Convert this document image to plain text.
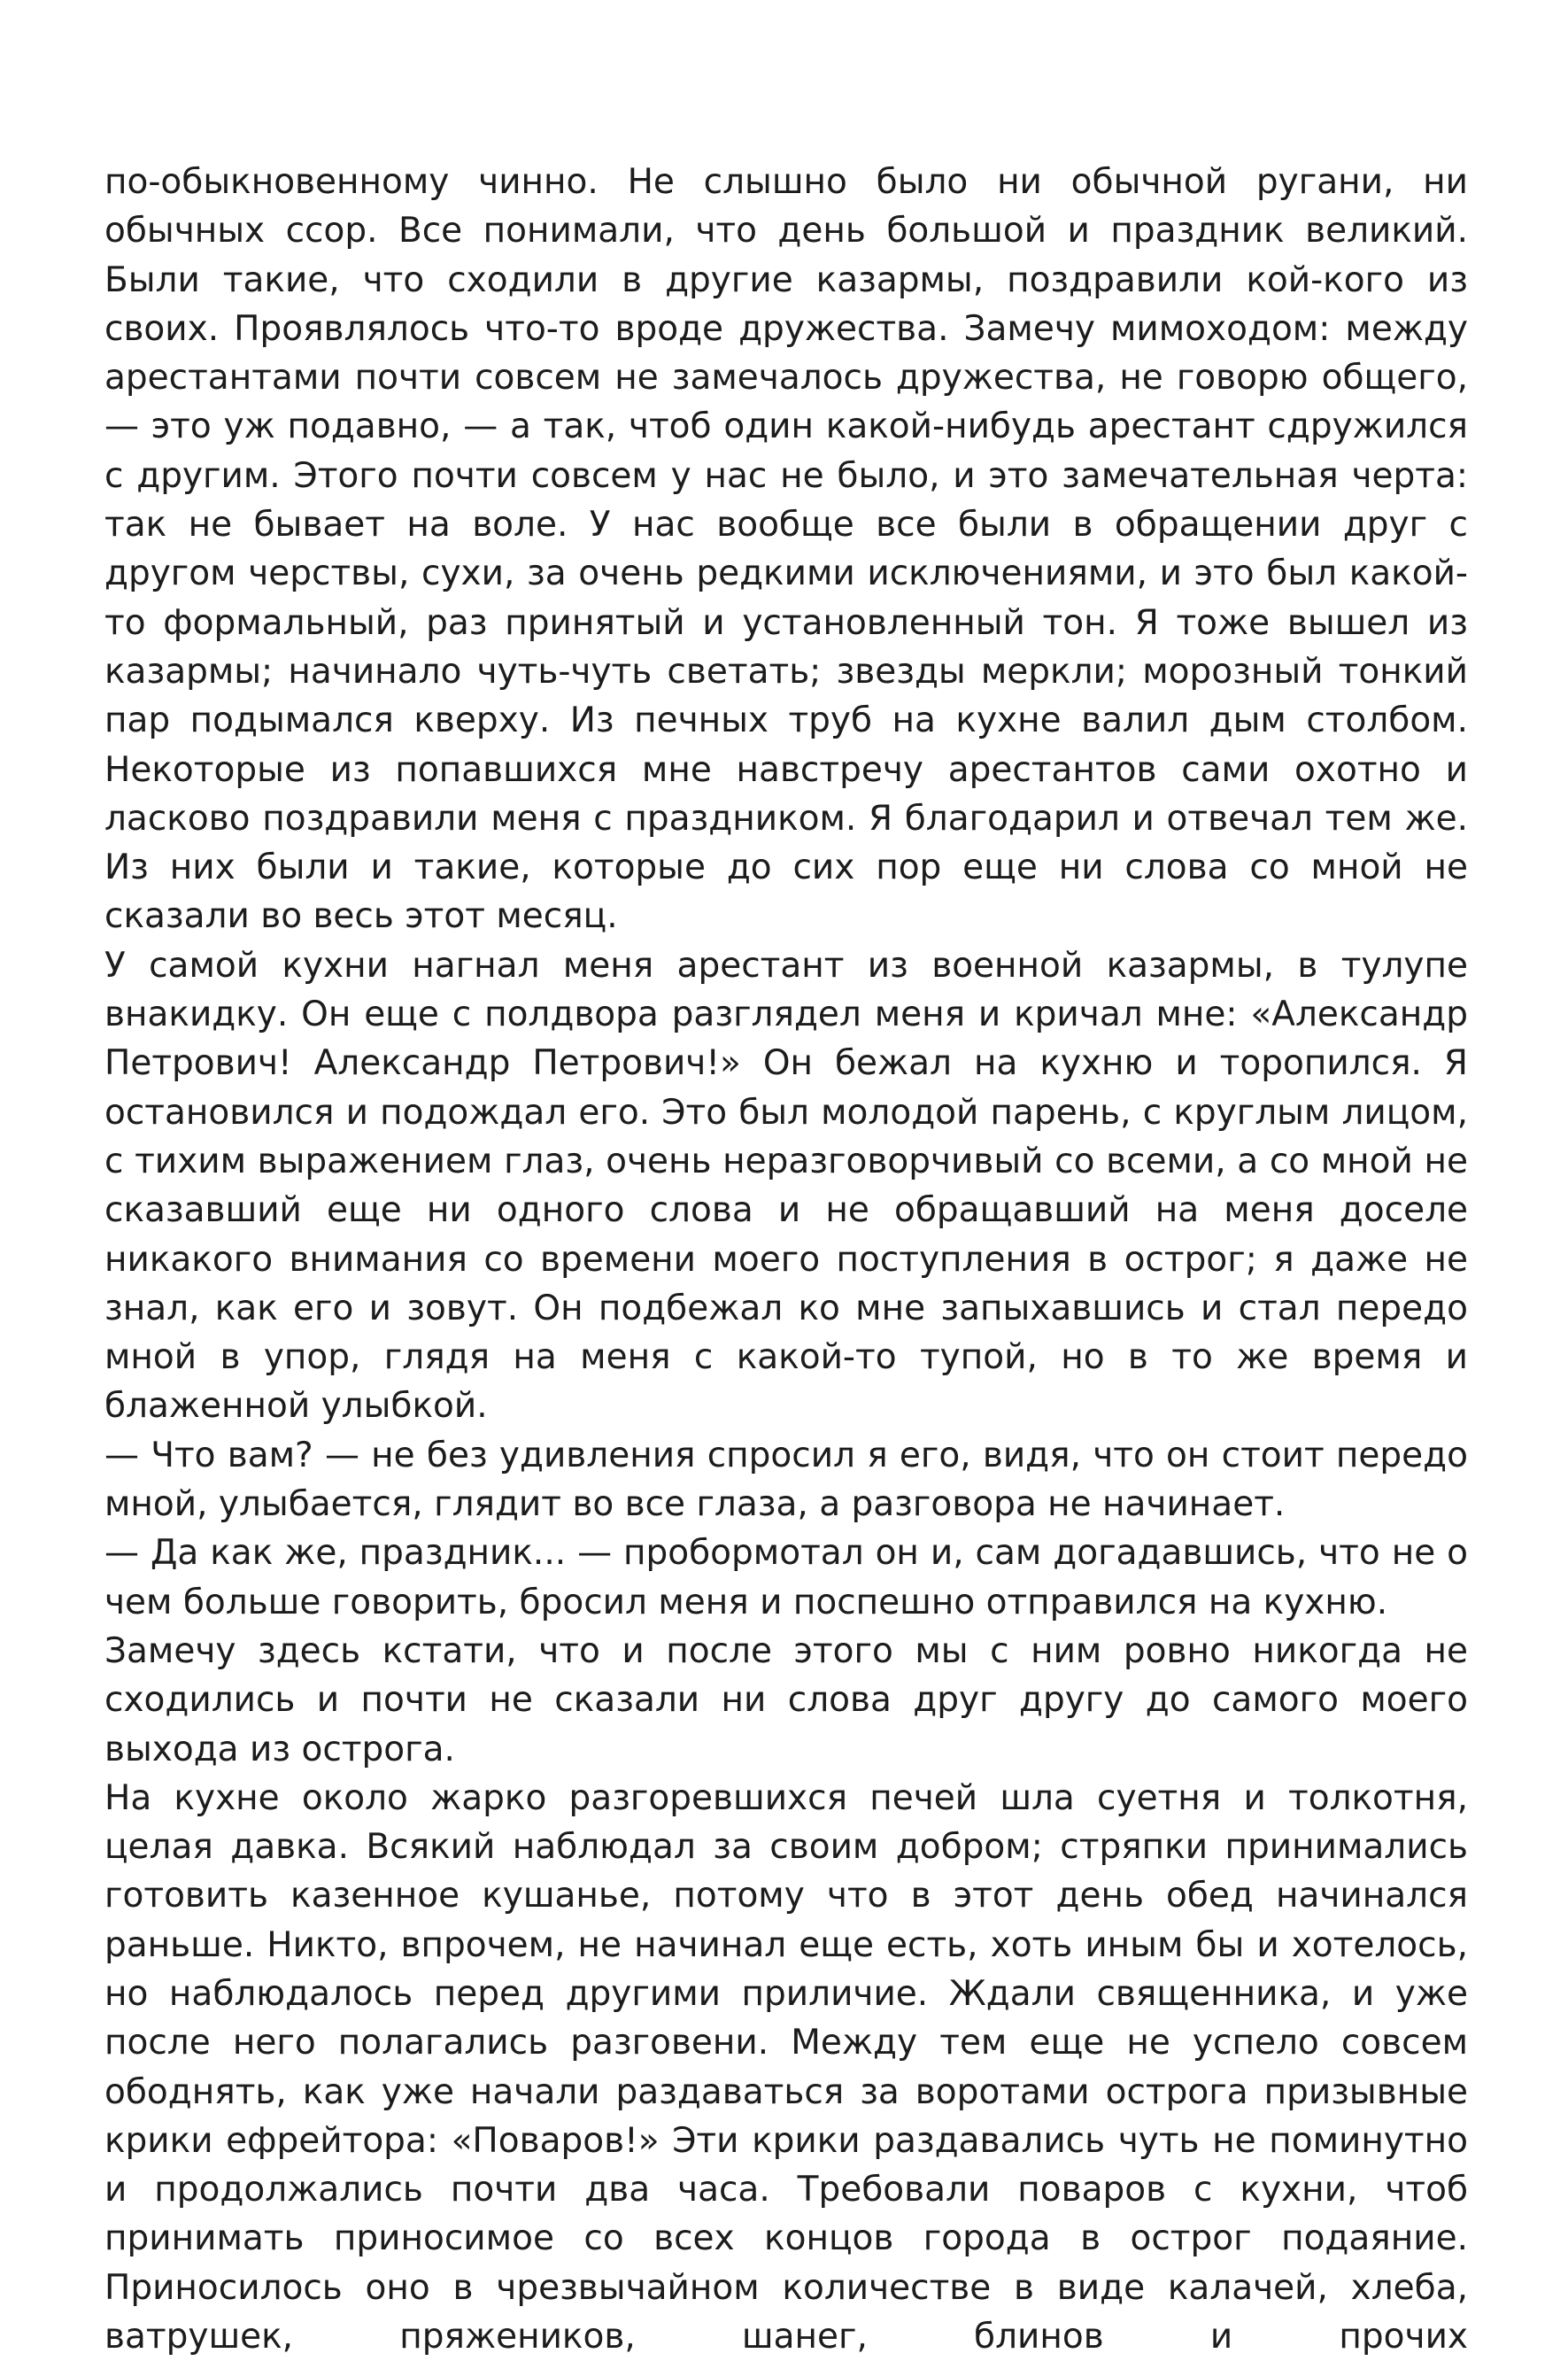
по-обыкновенному чинно. Не слышно было ни обычной ругани, ни обычных ссор. Все понимали, что день большой и праздник великий. Были такие, что сходили в другие казармы, поздравили кой-кого из своих. Проявлялось что-то вроде дружества. Замечу мимоходом: между арестантами почти совсем не замечалось дружества, не говорю общего, — это уж подавно, — а так, чтоб один какой-нибудь арестант сдружился с другим. Этого почти совсем у нас не было, и это замечательная черта: так не бывает на воле. У нас вообще все были в обращении друг с другом черствы, сухи, за очень редкими исключениями, и это был какой-то формальный, раз принятый и установленный тон. Я тоже вышел из казармы; начинало чуть-чуть светать; звезды меркли; морозный тонкий пар подымался кверху. Из печных труб на кухне валил дым столбом. Некоторые из попавшихся мне навстречу арестантов сами охотно и ласково поздравили меня с праздником. Я благодарил и отвечал тем же. Из них были и такие, которые до сих пор еще ни слова со мной не сказали во весь этот месяц.

У самой кухни нагнал меня арестант из военной казармы, в тулупе внакидку. Он еще с полдвора разглядел меня и кричал мне: «Александр Петрович! Александр Петрович!» Он бежал на кухню и торопился. Я остановился и подождал его. Это был молодой парень, с круглым лицом, с тихим выражением глаз, очень неразговорчивый со всеми, а со мной не сказавший еще ни одного слова и не обращавший на меня доселе никакого внимания со времени моего поступления в острог; я даже не знал, как его и зовут. Он подбежал ко мне запыхавшись и стал передо мной в упор, глядя на меня с какой-то тупой, но в то же время и блаженной улыбкой.

— Что вам? — не без удивления спросил я его, видя, что он стоит передо мной, улыбается, глядит во все глаза, а разговора не начинает.

— Да как же, праздник... — пробормотал он и, сам догадавшись, что не о чем больше говорить, бросил меня и поспешно отправился на кухню.

Замечу здесь кстати, что и после этого мы с ним ровно никогда не сходились и почти не сказали ни слова друг другу до самого моего выхода из острога.

На кухне около жарко разгоревшихся печей шла суетня и толкотня, целая давка. Всякий наблюдал за своим добром; стряпки принимались готовить казенное кушанье, потому что в этот день обед начинался раньше. Никто, впрочем, не начинал еще есть, хоть иным бы и хотелось, но наблюдалось перед другими приличие. Ждали священника, и уже после него полагались разговени. Между тем еще не успело совсем ободнять, как уже начали раздаваться за воротами острога призывные крики ефрейтора: «Поваров!» Эти крики раздавались чуть не поминутно и продолжались почти два часа. Требовали поваров с кухни, чтоб принимать приносимое со всех концов города в острог подаяние. Приносилось оно в чрезвычайном количестве в виде калачей, хлеба, ватрушек, пряжеников, шанег, блинов и прочих
